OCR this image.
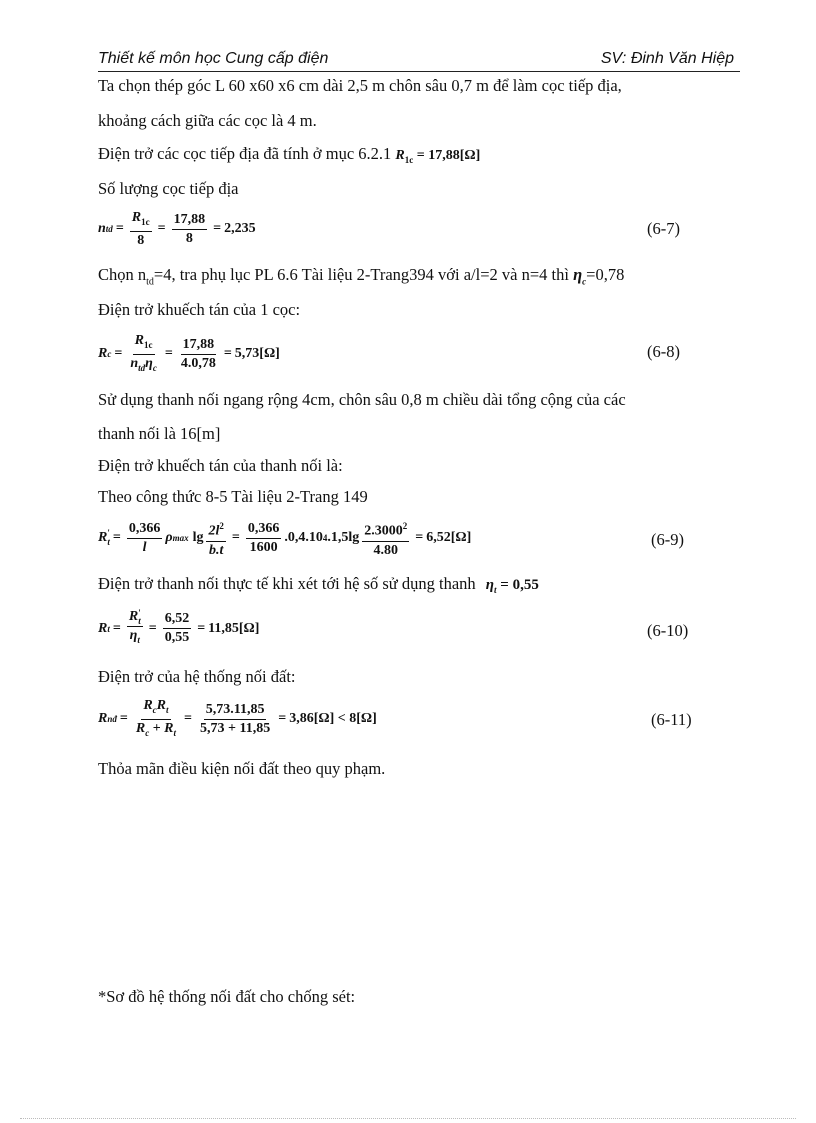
Thiết kế môn học Cung cấp điện	SV: Đinh Văn Hiệp
Ta chọn thép góc L 60 x60 x6 cm dài 2,5 m chôn sâu 0,7 m để làm cọc tiếp địa,
khoảng cách giữa các cọc là 4 m.
Điện trở các cọc tiếp địa đã tính ở mục 6.2.1 $R_{1c} = 17,88[\Omega]$
Số lượng cọc tiếp địa
n td = $\frac{R_{1c}}{8} = \frac{17,88}{8} = 2,235$	(6-7)
Chọn $n_{td}=4$, tra phụ lục PL 6.6 Tài liệu 2-Trang394 với a/l=2 và n=4 thì $\eta_c=0,78$
Điện trở khuếch tán của 1 cọc:
R $c = \frac{R_{1c}}{n_{td}\eta_c} = \frac{17,88}{4.0,78} = 5,73[\Omega]$	(6-8)
Sử dụng thanh nối ngang rộng 4cm, chôn sâu 0,8 m chiều dài tổng cộng của các
thanh nối là 16[m]
Điện trở khuếch tán của thanh nối là:
Theo công thức 8-5 Tài liệu 2-Trang 149
R '
$t = \frac{0,366}{l}$ ρ $\max \lg \frac{2l^2}{b.t} = \frac{0,366}{1600} .0,4.10$ 4 $.1,5\lg \frac{2.3000^2}{4.80} = 6,52[\Omega]$	(6-9)
Điện trở thanh nối thực tế khi xét tới hệ số sử dụng thanh $\eta_t = 0,55$
R t = R '
t
$\eta_t = \frac{6,52}{0,55} = 11,85[\Omega]$	(6-10)
Điện trở của hệ thống nối đất:
R nđ = $\frac{R_cR_t}{R_c + R_t} = \frac{5,73.11,85}{5,73 + 11,85} = 3,86[\Omega] < 8[\Omega]$	(6-11)
Thỏa mãn điều kiện nối đất theo quy phạm.
*Sơ đồ hệ thống nối đất cho chống sét:
